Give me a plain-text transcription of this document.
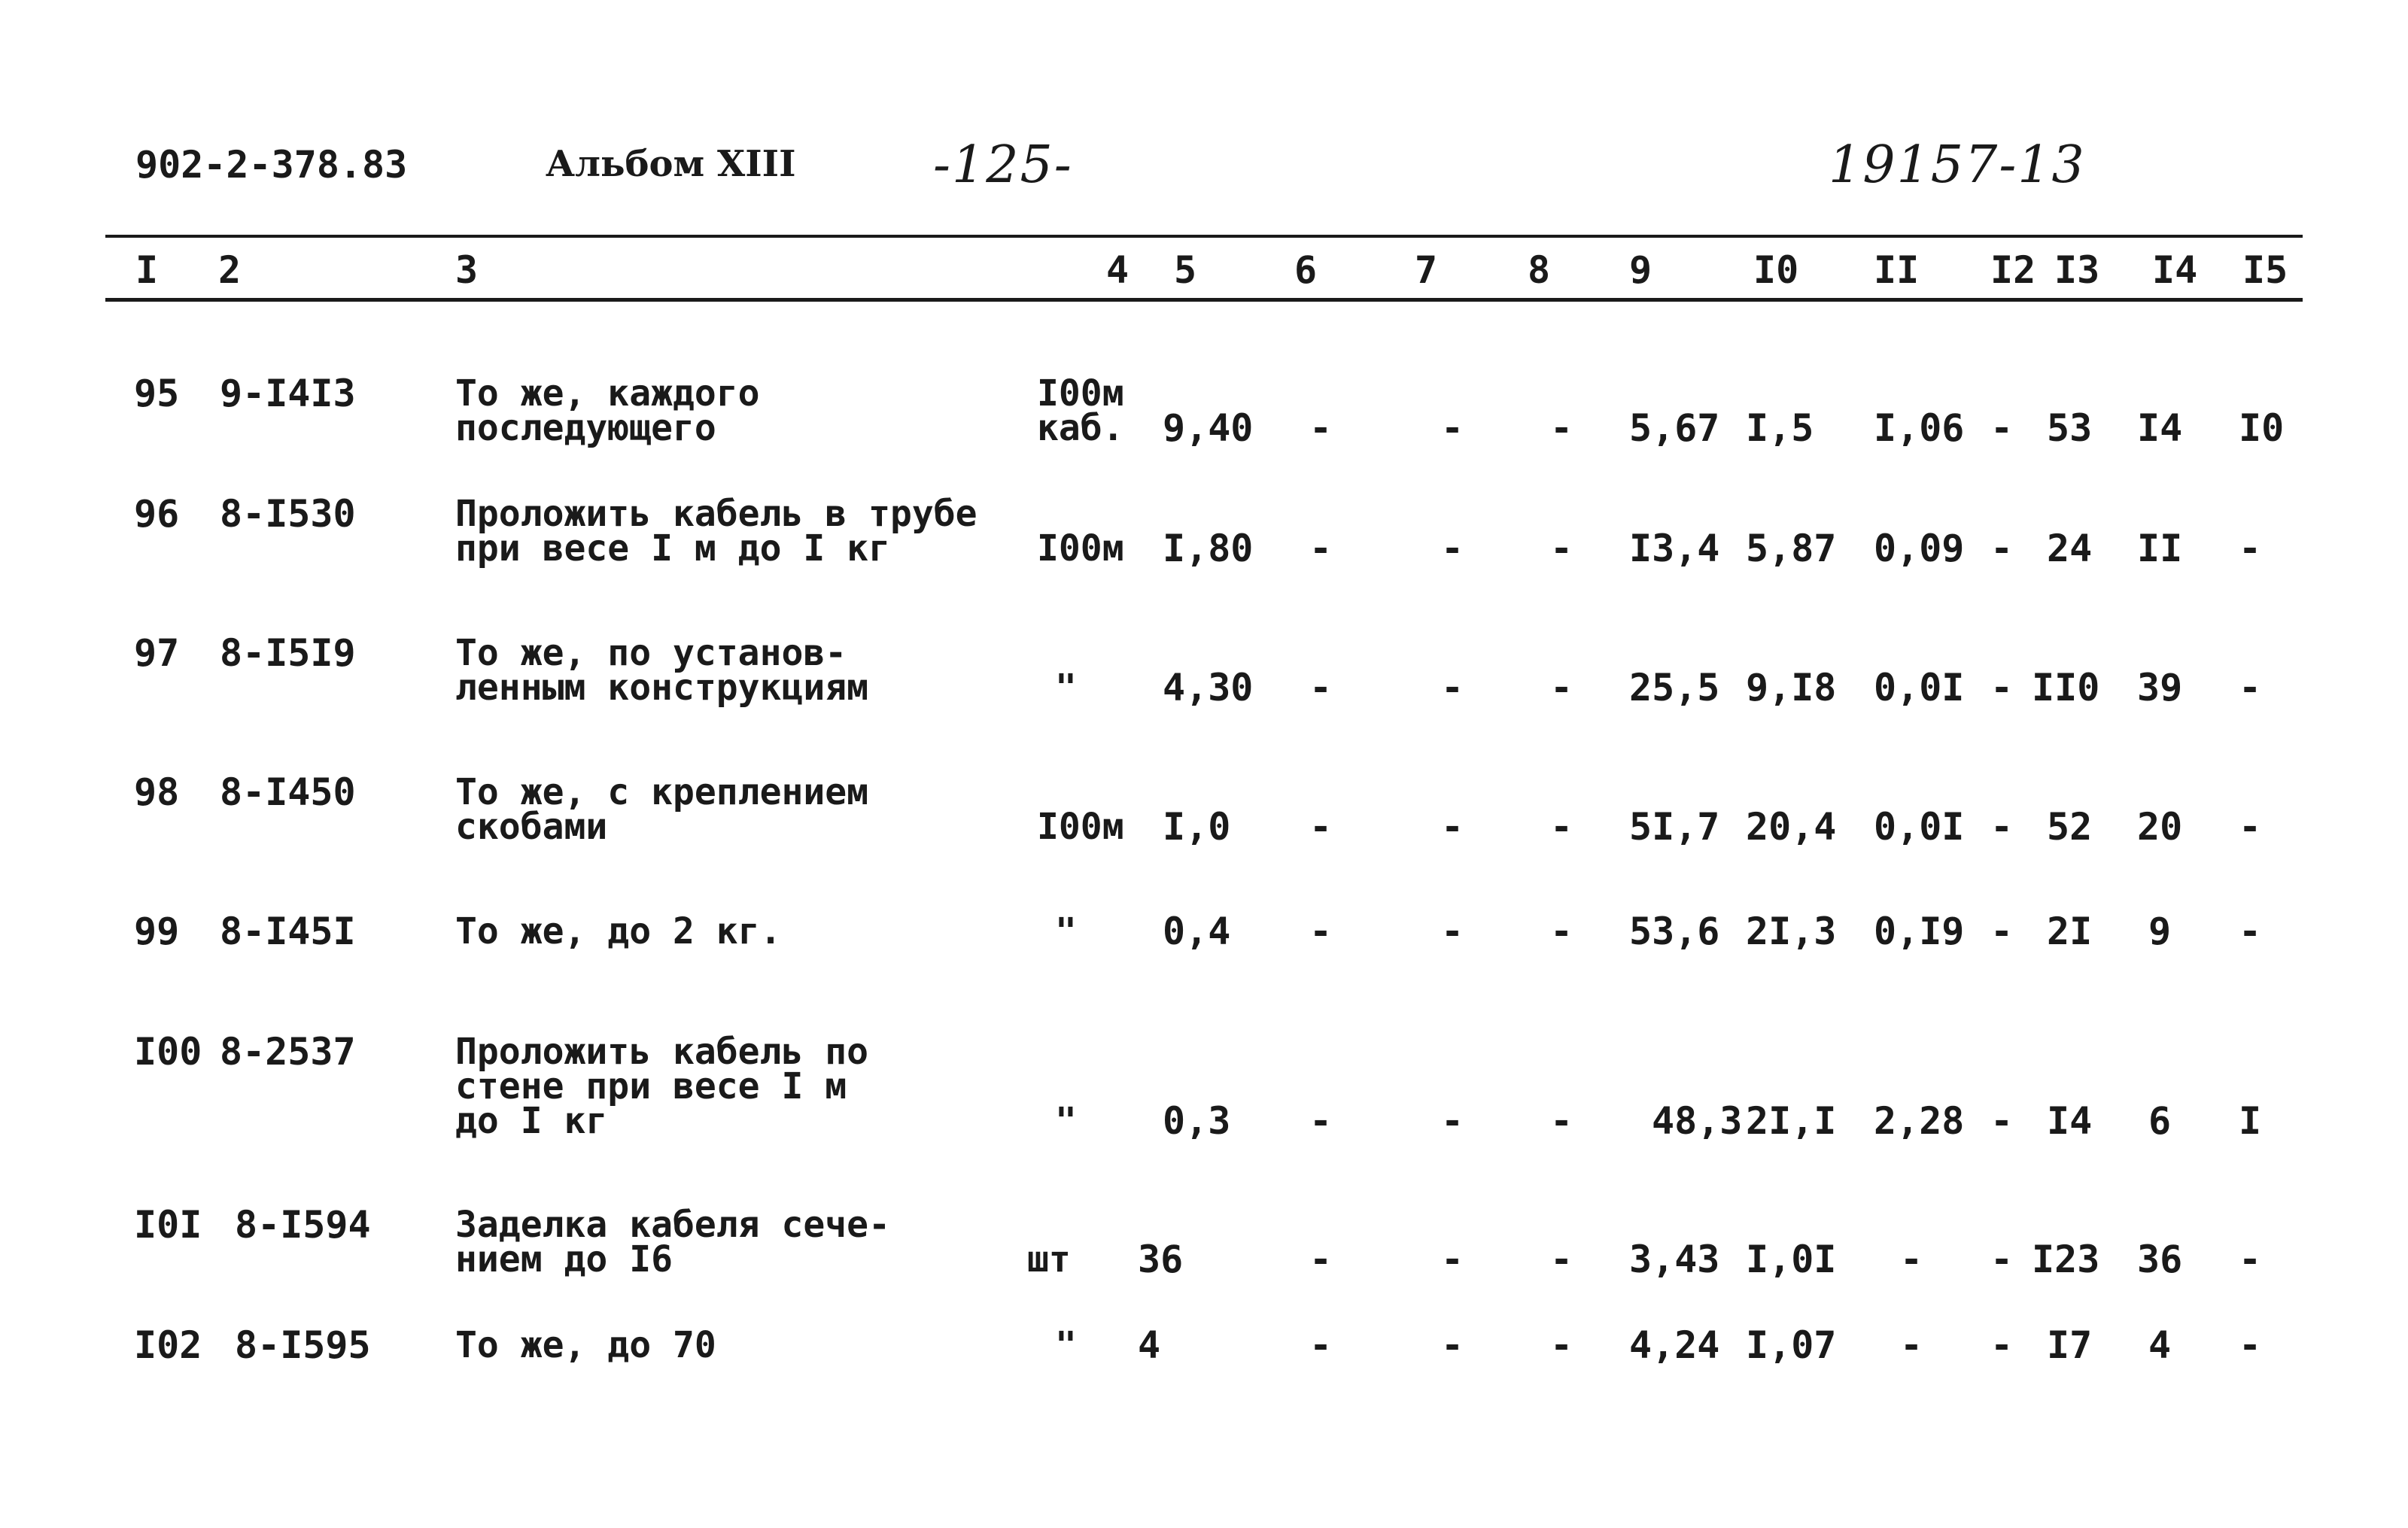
902-2-378.83	Альбом XIII	-125-	19157-13
I 2	3	4 5	6	7 8 9	I0 II I2 I3 I4 I5
95 9-I4I3	То же, каждого
последующего
I00м
каб. 9,40 -	- - 5,67 I,5 I,06 - 53 I4 I0
96 8-I530	Проложить кабель в трубе
при весе I м до I кг	I00м I,80 -	- - I3,4 5,87 0,09 - 24 II -
97 8-I5I9	То же, по установ-
ленным конструкциям	" 4,30 -	- - 25,5 9,I8 0,0I - II0 39 -
98 8-I450	То же, с креплением
скобами	I00м I,0 -	- - 5I,7 20,4 0,0I - 52 20 -
99 8-I45I	То же, до 2 кг.	" 0,4 -	- - 53,6 2I,3 0,I9 - 2I 9 -
I00 8-2537	Проложить кабель по
стене при весе I м
до I кг	" 0,3 -	- - 48,3 2I,I 2,28 - I4 6 I
I0I 8-I594 Заделка кабеля сече-
нием до I6	шт 36	-	- - 3,43 I,0I - - I23 36 -
I02 8-I595 То же, до 70	" 4	-	- - 4,24 I,07 - - I7 4 -
